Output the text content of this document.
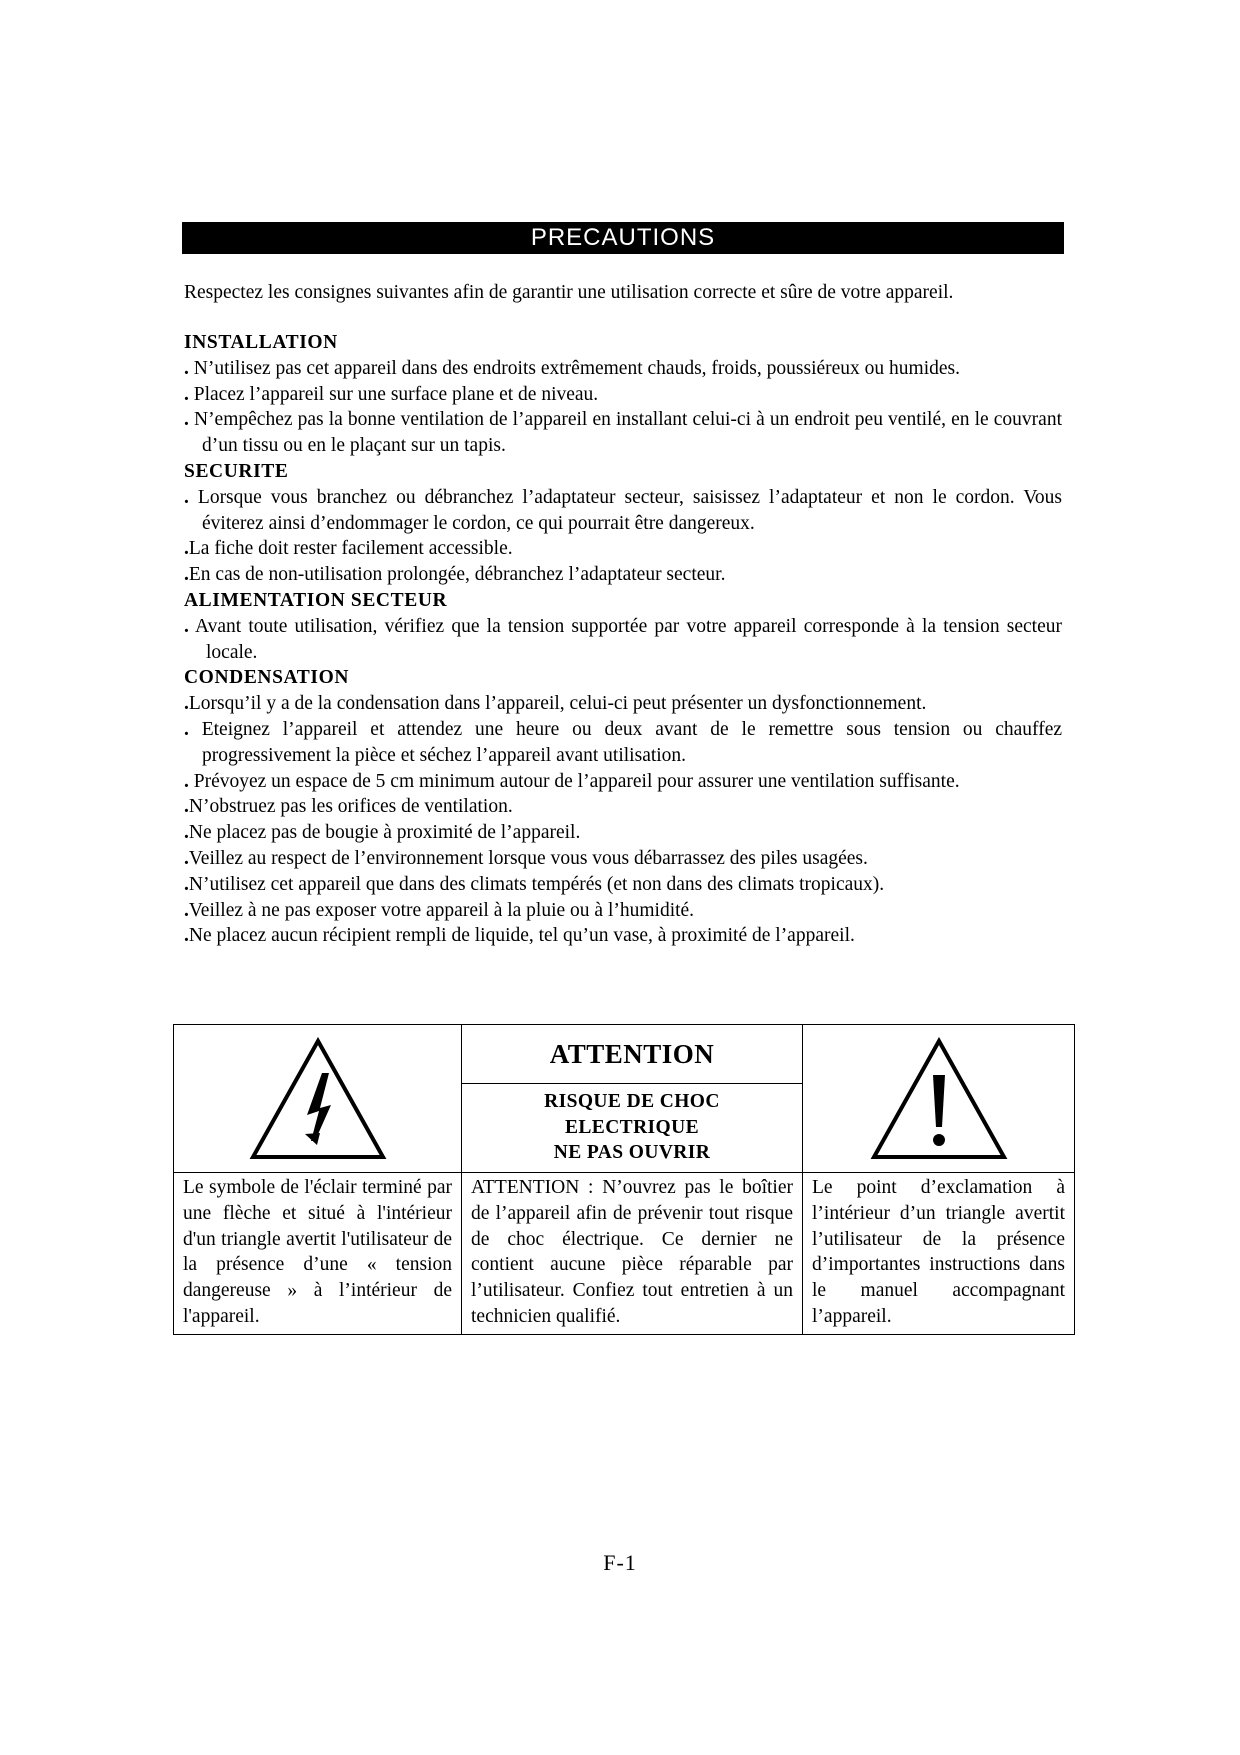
PRECAUTIONS
Respectez les consignes suivantes afin de garantir une utilisation correcte et sûre de votre appareil.
INSTALLATION
. N’utilisez pas cet appareil dans des endroits extrêmement chauds, froids, poussiéreux ou humides.
. Placez l’appareil sur une surface plane et de niveau.
. N’empêchez pas la bonne ventilation de l’appareil en installant celui-ci à un endroit peu ventilé, en le couvrant d’un tissu ou en le plaçant sur un tapis.
SECURITE
. Lorsque vous branchez ou débranchez l’adaptateur secteur, saisissez l’adaptateur et non le cordon. Vous éviterez ainsi d’endommager le cordon, ce qui pourrait être dangereux.
.La fiche doit rester facilement accessible.
.En cas de non-utilisation prolongée, débranchez l’adaptateur secteur.
ALIMENTATION SECTEUR
. Avant toute utilisation, vérifiez que la tension supportée par votre appareil corresponde à la tension secteur locale.
CONDENSATION
.Lorsqu’il y a de la condensation dans l’appareil, celui-ci peut présenter un dysfonctionnement.
. Eteignez l’appareil et attendez une heure ou deux avant de le remettre sous tension ou chauffez progressivement la pièce et séchez l’appareil avant utilisation.
. Prévoyez un espace de 5 cm minimum autour de l’appareil pour assurer une ventilation suffisante.
.N’obstruez pas les orifices de ventilation.
.Ne placez pas de bougie à proximité de l’appareil.
.Veillez au respect de l’environnement lorsque vous vous débarrassez des piles usagées.
.N’utilisez cet appareil que dans des climats tempérés (et non dans des climats tropicaux).
.Veillez à ne pas exposer votre appareil à la pluie ou à l’humidité.
.Ne placez aucun récipient rempli de liquide, tel qu’un vase, à proximité de l’appareil.

ATTENTION
RISQUE DE CHOC
ELECTRIQUE
NE PAS OUVRIR

Le symbole de l'éclair terminé par une flèche et situé à l'intérieur d'un triangle avertit l'utilisateur de la présence d’une « tension dangereuse » à l’intérieur de l'appareil.	ATTENTION : N’ouvrez pas le boîtier de l’appareil afin de prévenir tout risque de choc électrique. Ce dernier ne contient aucune pièce réparable par l’utilisateur. Confiez tout entretien à un technicien qualifié.	Le point d’exclamation à l’intérieur d’un triangle avertit l’utilisateur de la présence d’importantes instructions dans le manuel accompagnant l’appareil.
F-1
